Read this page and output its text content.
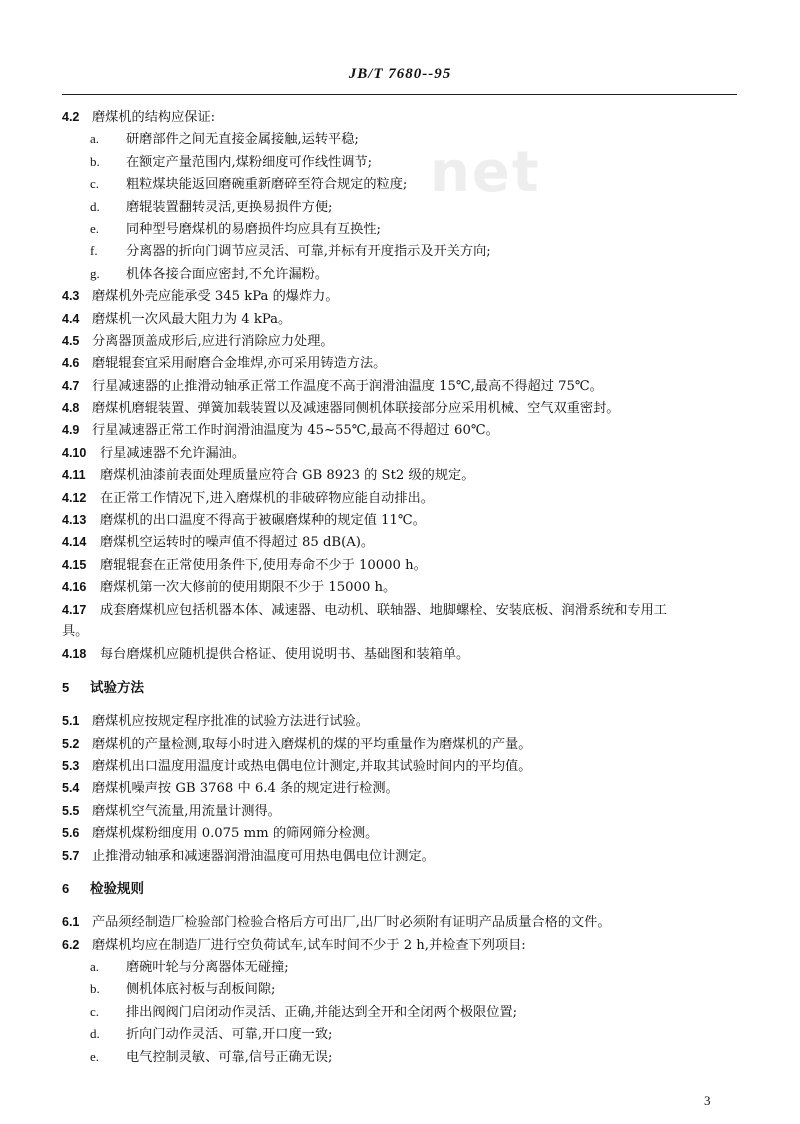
JB/T 7680--95
net
4.2 磨煤机的结构应保证:
a. 研磨部件之间无直接金属接触,运转平稳;
b. 在额定产量范围内,煤粉细度可作线性调节;
c. 粗粒煤块能返回磨碗重新磨碎至符合规定的粒度;
d. 磨辊装置翻转灵活,更换易损件方便;
e. 同种型号磨煤机的易磨损件均应具有互换性;
f. 分离器的折向门调节应灵活、可靠,并标有开度指示及开关方向;
g. 机体各接合面应密封,不允许漏粉。
4.3 磨煤机外壳应能承受 345 kPa 的爆炸力。
4.4 磨煤机一次风最大阻力为 4 kPa。
4.5 分离器顶盖成形后,应进行消除应力处理。
4.6 磨辊辊套宜采用耐磨合金堆焊,亦可采用铸造方法。
4.7 行星减速器的止推滑动轴承正常工作温度不高于润滑油温度 15℃,最高不得超过 75℃。
4.8 磨煤机磨辊装置、弹簧加载装置以及减速器同侧机体联接部分应采用机械、空气双重密封。
4.9 行星减速器正常工作时润滑油温度为 45~55℃,最高不得超过 60℃。
4.10 行星减速器不允许漏油。
4.11 磨煤机油漆前表面处理质量应符合 GB 8923 的 St2 级的规定。
4.12 在正常工作情况下,进入磨煤机的非破碎物应能自动排出。
4.13 磨煤机的出口温度不得高于被碾磨煤种的规定值 11℃。
4.14 磨煤机空运转时的噪声值不得超过 85 dB(A)。
4.15 磨辊辊套在正常使用条件下,使用寿命不少于 10000 h。
4.16 磨煤机第一次大修前的使用期限不少于 15000 h。
4.17 成套磨煤机应包括机器本体、减速器、电动机、联轴器、地脚螺栓、安装底板、润滑系统和专用工
具。
4.18 每台磨煤机应随机提供合格证、使用说明书、基础图和装箱单。
5 试验方法
5.1 磨煤机应按规定程序批准的试验方法进行试验。
5.2 磨煤机的产量检测,取每小时进入磨煤机的煤的平均重量作为磨煤机的产量。
5.3 磨煤机出口温度用温度计或热电偶电位计测定,并取其试验时间内的平均值。
5.4 磨煤机噪声按 GB 3768 中 6.4 条的规定进行检测。
5.5 磨煤机空气流量,用流量计测得。
5.6 磨煤机煤粉细度用 0.075 mm 的筛网筛分检测。
5.7 止推滑动轴承和减速器润滑油温度可用热电偶电位计测定。
6 检验规则
6.1 产品须经制造厂检验部门检验合格后方可出厂,出厂时必须附有证明产品质量合格的文件。
6.2 磨煤机均应在制造厂进行空负荷试车,试车时间不少于 2 h,并检查下列项目:
a. 磨碗叶轮与分离器体无碰撞;
b. 侧机体底衬板与刮板间隙;
c. 排出阀阀门启闭动作灵活、正确,并能达到全开和全闭两个极限位置;
d. 折向门动作灵活、可靠,开口度一致;
e. 电气控制灵敏、可靠,信号正确无误;
3
